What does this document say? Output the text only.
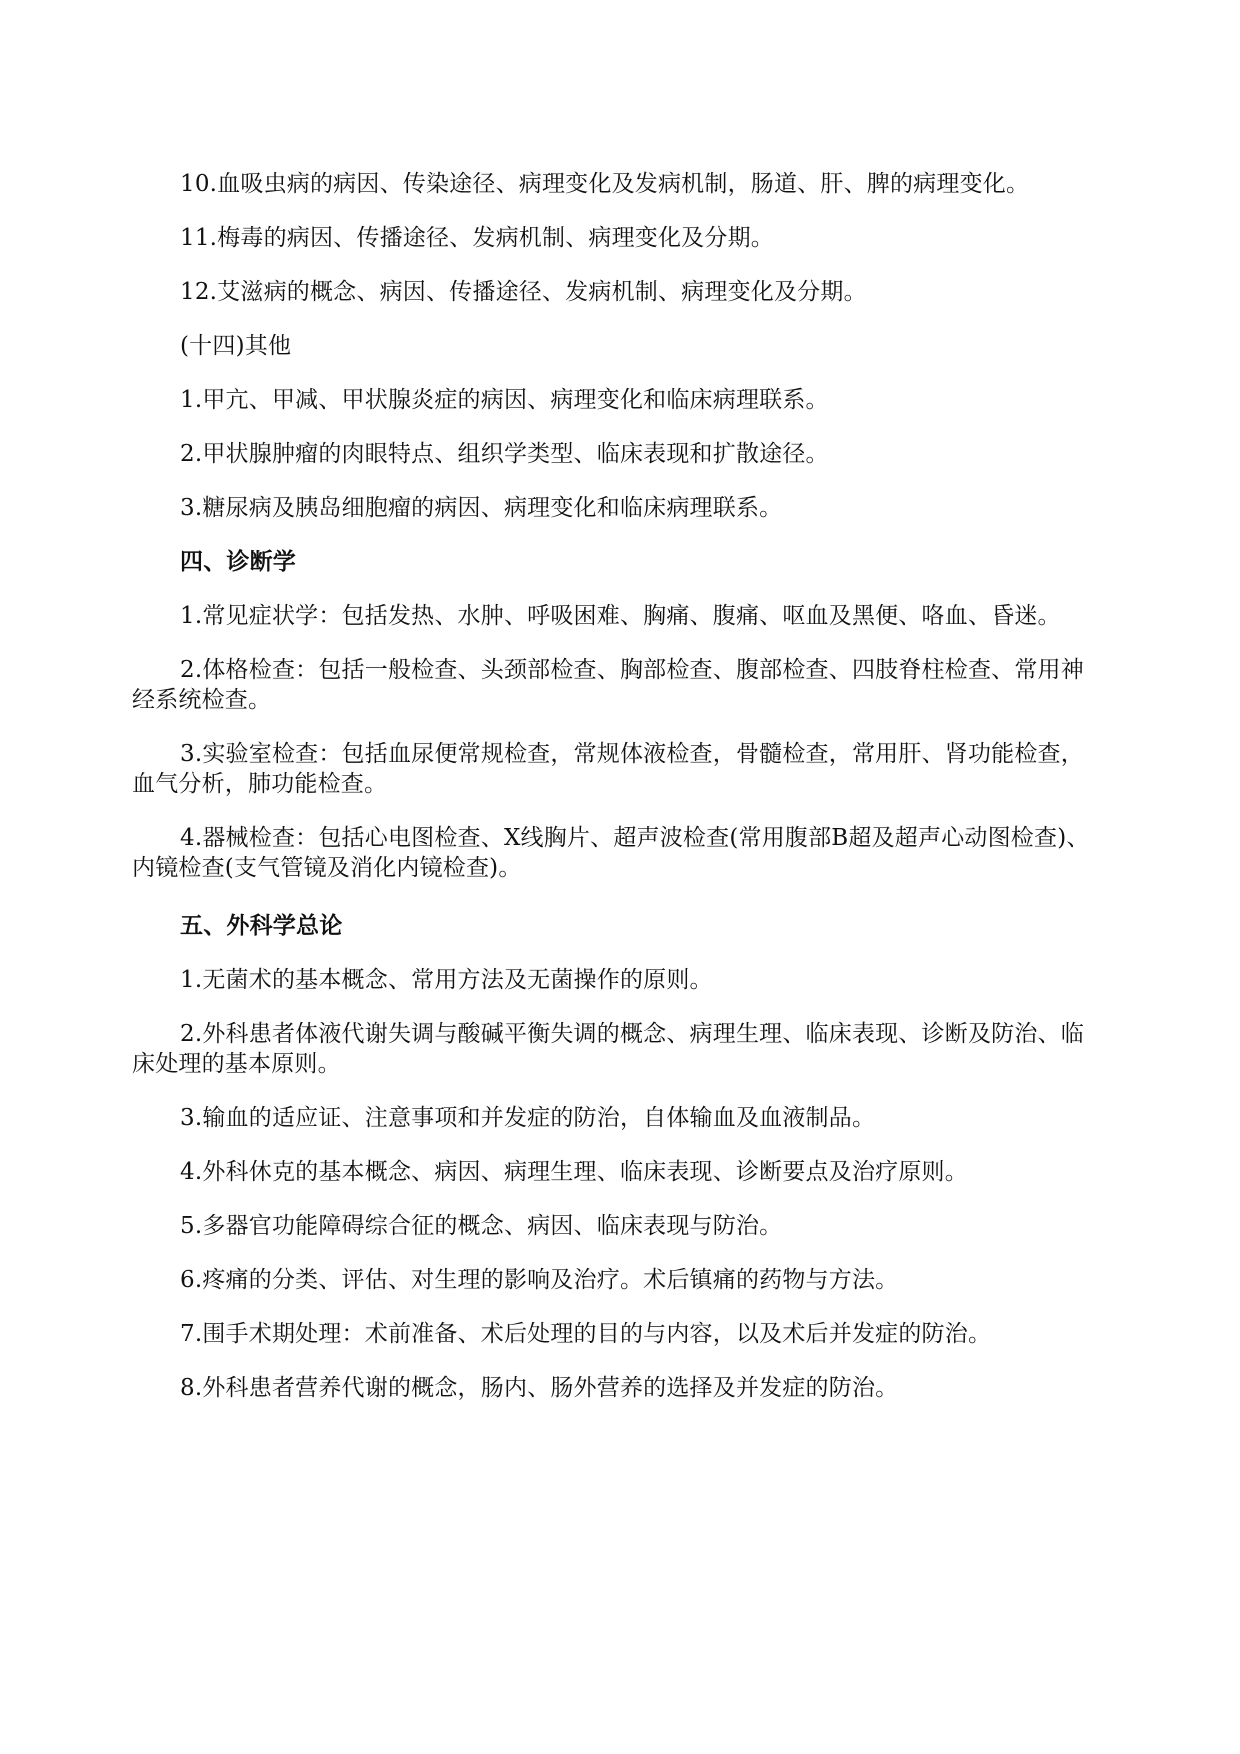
10.血吸虫病的病因、传染途径、病理变化及发病机制，肠道、肝、脾的病理变化。
11.梅毒的病因、传播途径、发病机制、病理变化及分期。
12.艾滋病的概念、病因、传播途径、发病机制、病理变化及分期。
(十四)其他
1.甲亢、甲减、甲状腺炎症的病因、病理变化和临床病理联系。
2.甲状腺肿瘤的肉眼特点、组织学类型、临床表现和扩散途径。
3.糖尿病及胰岛细胞瘤的病因、病理变化和临床病理联系。
四、诊断学
1.常见症状学：包括发热、水肿、呼吸困难、胸痛、腹痛、呕血及黑便、咯血、昏迷。
2.体格检查：包括一般检查、头颈部检查、胸部检查、腹部检查、四肢脊柱检查、常用神
经系统检查。
3.实验室检查：包括血尿便常规检查，常规体液检查，骨髓检查，常用肝、肾功能检查，
血气分析，肺功能检查。
4.器械检查：包括心电图检查、X线胸片、超声波检查(常用腹部B超及超声心动图检查)、
内镜检查(支气管镜及消化内镜检查)。
五、外科学总论
1.无菌术的基本概念、常用方法及无菌操作的原则。
2.外科患者体液代谢失调与酸碱平衡失调的概念、病理生理、临床表现、诊断及防治、临
床处理的基本原则。
3.输血的适应证、注意事项和并发症的防治，自体输血及血液制品。
4.外科休克的基本概念、病因、病理生理、临床表现、诊断要点及治疗原则。
5.多器官功能障碍综合征的概念、病因、临床表现与防治。
6.疼痛的分类、评估、对生理的影响及治疗。术后镇痛的药物与方法。
7.围手术期处理：术前准备、术后处理的目的与内容，以及术后并发症的防治。
8.外科患者营养代谢的概念，肠内、肠外营养的选择及并发症的防治。
